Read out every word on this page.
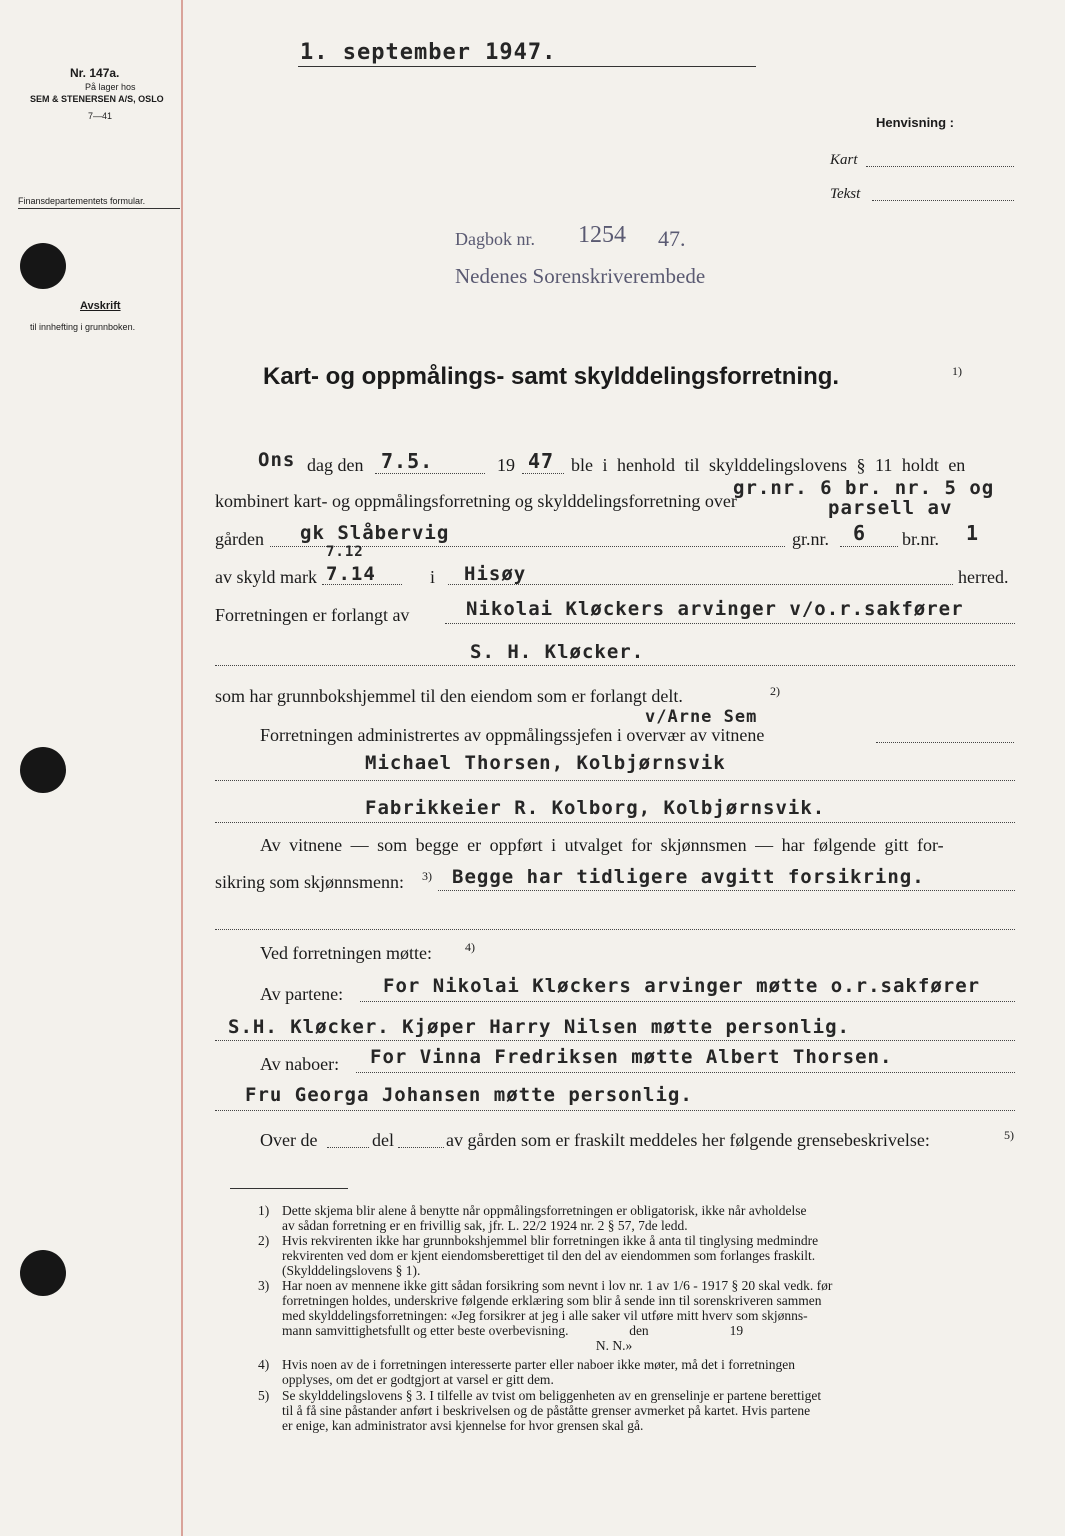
1. september 1947.
Nr. 147a.
På lager hos
SEM & STENERSEN A/S, OSLO
7—41
Finansdepartementets formular.
Avskrift
til innhefting i grunnboken.
Henvisning :
Kart
Tekst
Dagbok nr. 1254 47.
Nedenes Sorenskriverembede
Kart- og oppmålings- samt skylddelingsforretning.	1)
Ons dag den 7.5.	19 47 ble i henhold til skylddelingslovens § 11 holdt en
gr.nr. 6 br. nr. 5 og
kombinert kart- og oppmålingsforretning og skylddelingsforretning over	parsell av
gården gk Slåbervig	gr.nr. 6 br.nr. 1
av skyld mark
7.12
7.14	i Hisøy	herred.
Forretningen er forlangt av	Nikolai Kløckers arvinger v/o.r.sakfører
S. H. Kløcker.
som har grunnbokshjemmel til den eiendom som er forlangt delt.	2)
v/Arne Sem
Forretningen administrertes av oppmålingssjefen i overvær av vitnene
Michael Thorsen, Kolbjørnsvik
Fabrikkeier R. Kolborg, Kolbjørnsvik.
Av vitnene — som begge er oppført i utvalget for skjønnsmen — har følgende gitt for-
sikring som skjønnsmenn: 3) Begge har tidligere avgitt forsikring.
Ved forretningen møtte:	4)
Av partene: For Nikolai Kløckers arvinger møtte o.r.sakfører
S.H. Kløcker. Kjøper Harry Nilsen møtte personlig.
Av naboer: For Vinna Fredriksen møtte Albert Thorsen.
Fru Georga Johansen møtte personlig.
Over de	del	av gården som er fraskilt meddeles her følgende grensebeskrivelse:	5)
1) Dette skjema blir alene å benytte når oppmålingsforretningen er obligatorisk, ikke når avholdelse
av sådan forretning er en frivillig sak, jfr. L. 22/2 1924 nr. 2 § 57, 7de ledd.
2) Hvis rekvirenten ikke har grunnbokshjemmel blir forretningen ikke å anta til tinglysing medmindre
rekvirenten ved dom er kjent eiendomsberettiget til den del av eiendommen som forlanges fraskilt.
(Skylddelingslovens § 1).
3) Har noen av mennene ikke gitt sådan forsikring som nevnt i lov nr. 1 av 1/6 - 1917 § 20 skal vedk. før
forretningen holdes, underskrive følgende erklæring som blir å sende inn til sorenskriveren sammen
med skylddelingsforretningen: «Jeg forsikrer at jeg i alle saker vil utføre mitt hverv som skjønns-
mann samvittighetsfullt og etter beste overbevisning.                  den                        19
N. N.»
4) Hvis noen av de i forretningen interesserte parter eller naboer ikke møter, må det i forretningen
opplyses, om det er godtgjort at varsel er gitt dem.
5) Se skylddelingslovens § 3. I tilfelle av tvist om beliggenheten av en grenselinje er partene berettiget
til å få sine påstander anført i beskrivelsen og de påståtte grenser avmerket på kartet. Hvis partene
er enige, kan administrator avsi kjennelse for hvor grensen skal gå.
